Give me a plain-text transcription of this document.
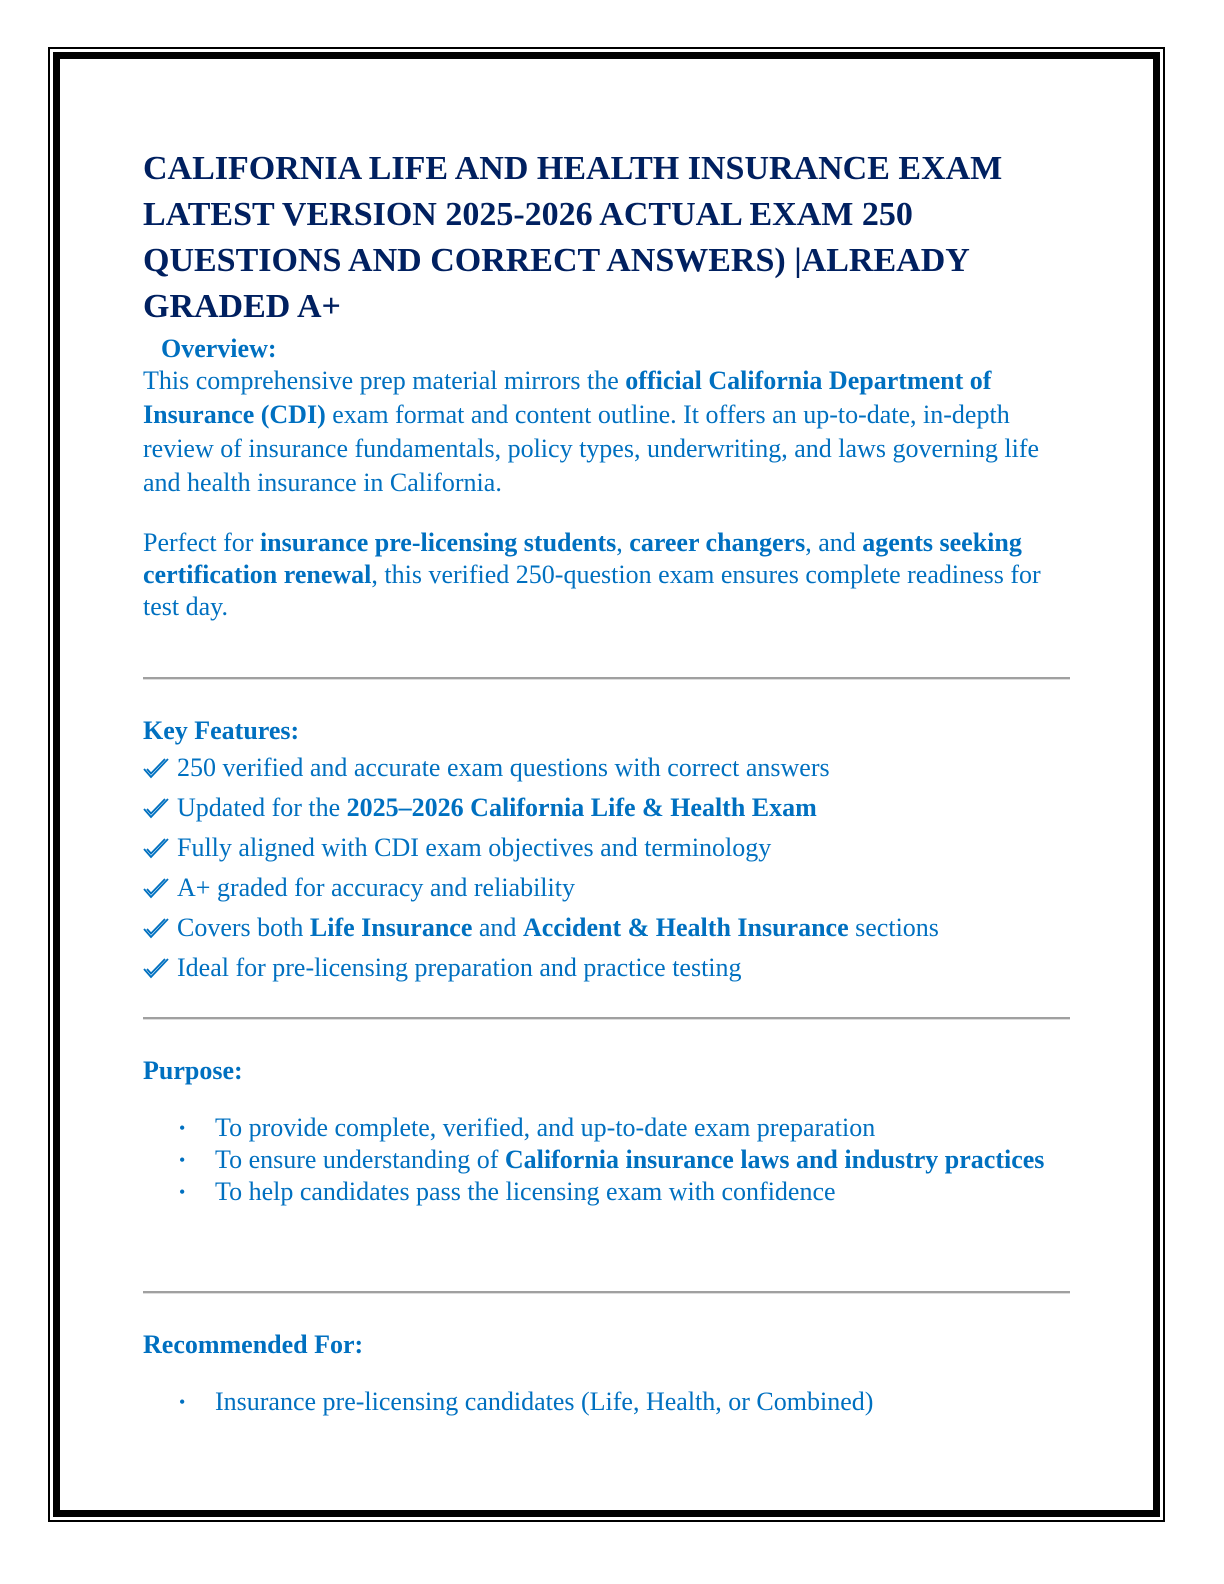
CALIFORNIA LIFE AND HEALTH INSURANCE EXAM LATEST VERSION 2025-2026 ACTUAL EXAM 250 QUESTIONS AND CORRECT ANSWERS) |ALREADY GRADED A+
Overview:

This comprehensive prep material mirrors the official California Department of Insurance (CDI) exam format and content outline. It offers an up-to-date, in-depth review of insurance fundamentals, policy types, underwriting, and laws governing life and health insurance in California.

Perfect for insurance pre-licensing students, career changers, and agents seeking certification renewal, this verified 250-question exam ensures complete readiness for test day.

Key Features:
250 verified and accurate exam questions with correct answers
Updated for the 2025–2026 California Life & Health Exam
Fully aligned with CDI exam objectives and terminology
A+ graded for accuracy and reliability
Covers both Life Insurance and Accident & Health Insurance sections
Ideal for pre-licensing preparation and practice testing
Purpose:
• To provide complete, verified, and up-to-date exam preparation
• To ensure understanding of California insurance laws and industry practices
• To help candidates pass the licensing exam with confidence
Recommended For:
• Insurance pre-licensing candidates (Life, Health, or Combined)
